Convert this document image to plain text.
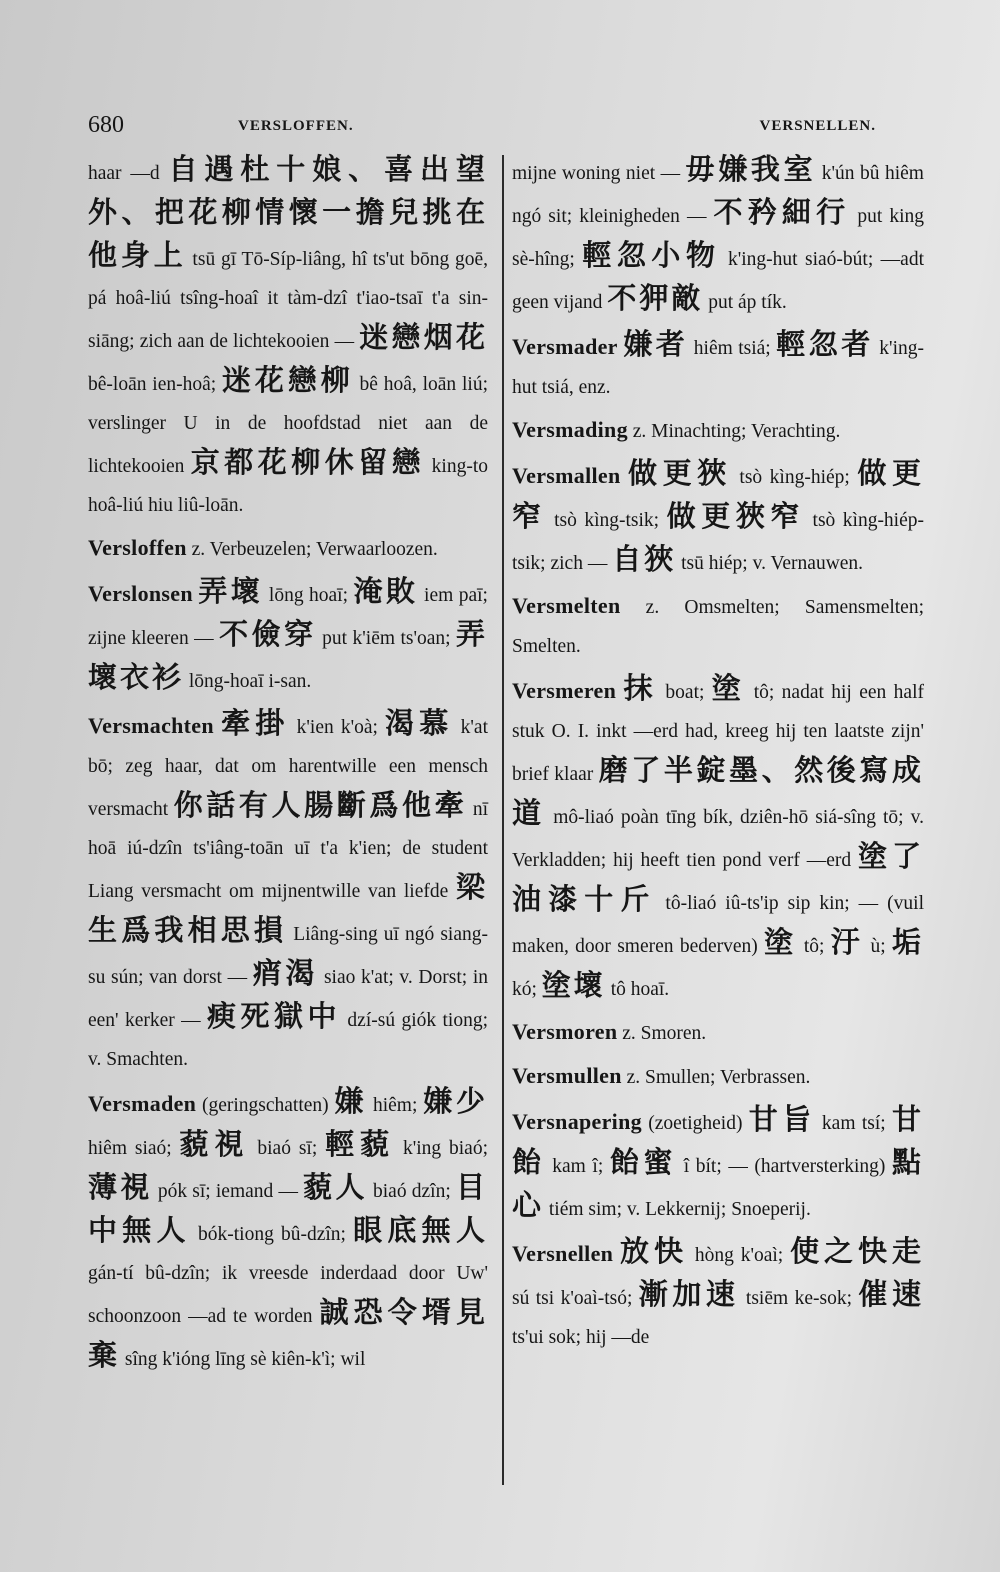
680	VERSLOFFEN.	VERSNELLEN.

haar —d 自遇杜十娘、喜出望外、把花柳情懷一擔兒挑在他身上 tsū gī Tō-Síp-liâng, hî ts'ut bōng goē, pá hoâ-liú tsîng-hoaî it tàm-dzî t'iao-tsaī t'a sin-siāng; zich aan de lichtekooien — 迷戀烟花 bê-loān ien-hoâ; 迷花戀柳 bê hoâ, loān liú; verslinger U in de hoofdstad niet aan de lichtekooien 京都花柳休留戀 king-to hoâ-liú hiu liû-loān.

Versloffen z. Verbeuzelen; Verwaarloozen.

Verslonsen 弄壞 lōng hoaī; 淹敗 iem paī; zijne kleeren — 不儉穿 put k'iēm ts'oan; 弄壞衣衫 lōng-hoaī i-san.

Versmachten 牽掛 k'ien k'oà; 渴慕 k'at bō; zeg haar, dat om harentwille een mensch versmacht 你話有人腸斷爲他牽 nī hoā iú-dzîn ts'iâng-toān uī t'a k'ien; de student Liang versmacht om mijnentwille van liefde 梁生爲我相思損 Liâng-sing uī ngó siang-su sún; van dorst — 痟渴 siao k'at; v. Dorst; in een' kerker — 瘐死獄中 dzí-sú giók tiong; v. Smachten.

Versmaden (geringschatten) 嫌 hiêm; 嫌少 hiêm siaó; 藐視 biaó sī; 輕藐 k'ing biaó; 薄視 pók sī; iemand — 藐人 biaó dzîn; 目中無人 bók-tiong bû-dzîn; 眼底無人 gán-tí bû-dzîn; ik vreesde inderdaad door Uw' schoonzoon —ad te worden 誠恐令壻見棄 sîng k'ióng līng sè kiên-k'ì; wil

mijne woning niet — 毋嫌我室 k'ún bû hiêm ngó sit; kleinigheden — 不矜細行 put king sè-hîng; 輕忽小物 k'ing-hut siaó-bút; —adt geen vijand 不狎敵 put áp tík.

Versmader 嫌者 hiêm tsiá; 輕忽者 k'ing-hut tsiá, enz.

Versmading z. Minachting; Verachting.

Versmallen 做更狹 tsò kìng-hiép; 做更窄 tsò kìng-tsik; 做更狹窄 tsò kìng-hiép-tsik; zich — 自狹 tsū hiép; v. Vernauwen.

Versmelten z. Omsmelten; Samensmelten; Smelten.

Versmeren 抹 boat; 塗 tô; nadat hij een half stuk O. I. inkt —erd had, kreeg hij ten laatste zijn' brief klaar 磨了半錠墨、然後寫成道 mô-liaó poàn tīng bík, dziên-hō siá-sîng tō; v. Verkladden; hij heeft tien pond verf —erd 塗了油漆十斤 tô-liaó iû-ts'ip sip kin; — (vuil maken, door smeren bederven) 塗 tô; 汙 ù; 垢 kó; 塗壞 tô hoaī.

Versmoren z. Smoren.

Versmullen z. Smullen; Verbrassen.

Versnapering (zoetigheid) 甘旨 kam tsí; 甘飴 kam î; 飴蜜 î bít; — (hartversterking) 點心 tiém sim; v. Lekkernij; Snoeperij.

Versnellen 放快 hòng k'oaì; 使之快走 sú tsi k'oaì-tsó; 漸加速 tsiēm ke-sok; 催速 ts'ui sok; hij —de
